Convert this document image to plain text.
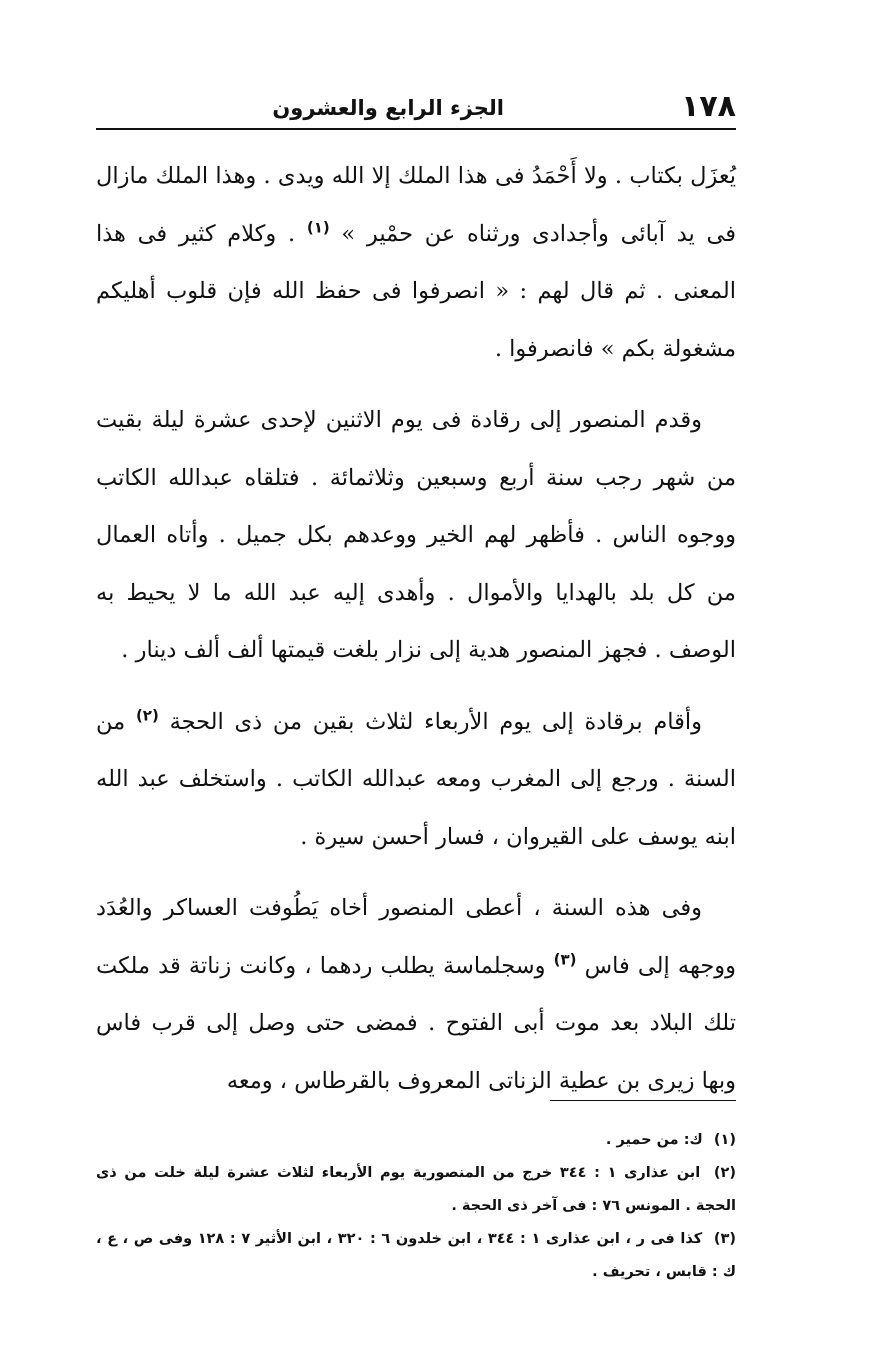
١٧٨
الجزء الرابع والعشرون

يُعزَل بكتاب . ولا أَحْمَدُ فى هذا الملك إلا الله ويدى . وهذا الملك مازال فى يد آبائى وأجدادى ورثناه عن حمْير » $^{(١)}$ . وكلام كثير فى هذا المعنى . ثم قال لهم : « انصرفوا فى حفظ الله فإن قلوب أهليكم مشغولة بكم » فانصرفوا .

وقدم المنصور إلى رقادة فى يوم الاثنين لإحدى عشرة ليلة بقيت من شهر رجب سنة أربع وسبعين وثلاثمائة . فتلقاه عبدالله الكاتب ووجوه الناس . فأظهر لهم الخير ووعدهم بكل جميل . وأتاه العمال من كل بلد بالهدايا والأموال . وأهدى إليه عبد الله ما لا يحيط به الوصف . فجهز المنصور هدية إلى نزار بلغت قيمتها ألف ألف دينار .

وأقام برقادة إلى يوم الأربعاء لثلاث بقين من ذى الحجة $^{(٢)}$ من السنة . ورجع إلى المغرب ومعه عبدالله الكاتب . واستخلف عبد الله ابنه يوسف على القيروان ، فسار أحسن سيرة .

وفى هذه السنة ، أعطى المنصور أخاه يَطُوفت العساكر والعُدَد ووجهه إلى فاس $^{(٣)}$ وسجلماسة يطلب ردهما ، وكانت زناتة قد ملكت تلك البلاد بعد موت أبى الفتوح . فمضى حتى وصل إلى قرب فاس وبها زيرى بن عطية الزناتى المعروف بالقرطاس ، ومعه

(١) ك: من حمير .

(٢) ابن عذارى ١ : ٣٤٤ خرج من المنصورية يوم الأربعاء لثلاث عشرة ليلة خلت من ذى الحجة . المونس ٧٦ : فى آخر ذى الحجة .

(٣) كذا فى ر ، ابن عذارى ١ : ٣٤٤ ، ابن خلدون ٦ : ٣٢٠ ، ابن الأثير ٧ : ١٢٨ وفى ص ، ع ، ك : قابس ، تحريف .
